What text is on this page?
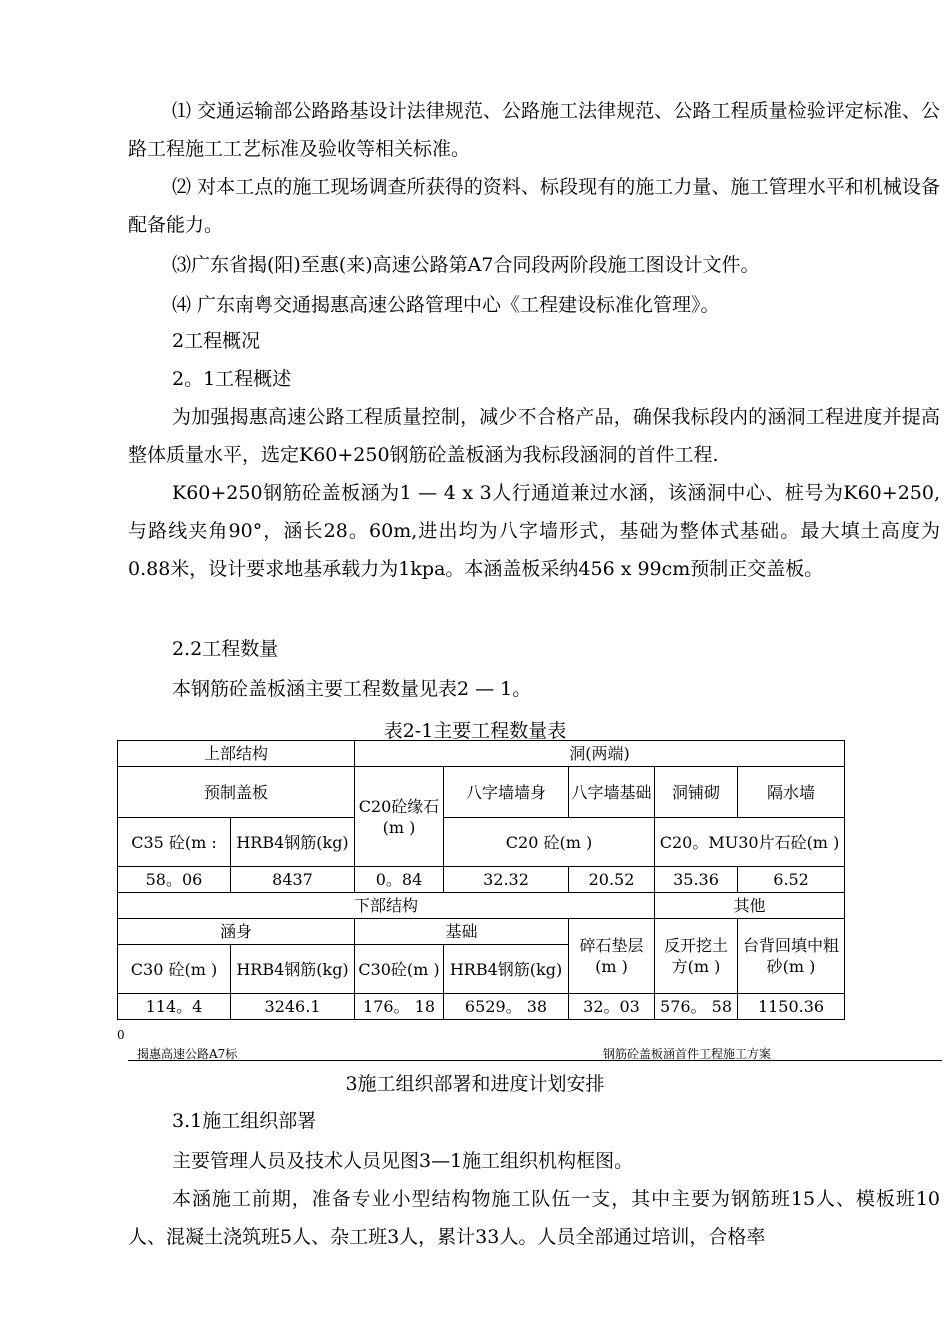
⑴ 交通运输部公路路基设计法律规范、公路施工法律规范、公路工程质量检验评定标准、公路工程施工工艺标准及验收等相关标准。

⑵ 对本工点的施工现场调查所获得的资料、标段现有的施工力量、施工管理水平和机械设备配备能力。

⑶广东省揭(阳)至惠(来)高速公路第A7合同段两阶段施工图设计文件。

⑷ 广东南粤交通揭惠高速公路管理中心《工程建设标准化管理》。

2工程概况

2。1工程概述

为加强揭惠高速公路工程质量控制，减少不合格产品，确保我标段内的涵洞工程进度并提高整体质量水平，选定K60+250钢筋砼盖板涵为我标段涵洞的首件工程.

K60+250钢筋砼盖板涵为1 — 4 x 3人行通道兼过水涵，该涵洞中心、桩号为K60+250,与路线夹角90°，涵长28。60m,进出均为八字墙形式，基础为整体式基础。最大填土高度为0.88米，设计要求地基承载力为1kpa。本涵盖板采纳456 x 99cm预制正交盖板。

2.2工程数量

本钢筋砼盖板涵主要工程数量见表2 — 1。

表2-1主要工程数量表
上部结构		洞(两端)				
预制盖板		C20砼缘石(m )	八字墙墙身	八字墙基础	洞铺砌	隔水墙
C35 砼(m :	HRB4钢筋(kg)		C20 砼(m )		C20。MU30片石砼(m )	
58。06	8437	0。84	32.32	20.52	35.36	6.52
下部结构					其他	
涵身		基础		碎石垫层(m )	反开挖土方(m )	台背回填中粗砂(m )
C30 砼(m )	HRB4钢筋(kg)	C30砼(m )	HRB4钢筋(kg)			
114。4	3246.1	176。 18	6529。 38	32。03	576。 58	1150.36
0
揭惠高速公路A7标	钢筋砼盖板涵首件工程施工方案
3施工组织部署和进度计划安排

3.1施工组织部署

主要管理人员及技术人员见图3—1施工组织机构框图。

本涵施工前期，准备专业小型结构物施工队伍一支，其中主要为钢筋班15人、模板班10人、混凝土浇筑班5人、杂工班3人，累计33人。人员全部通过培训，合格率
